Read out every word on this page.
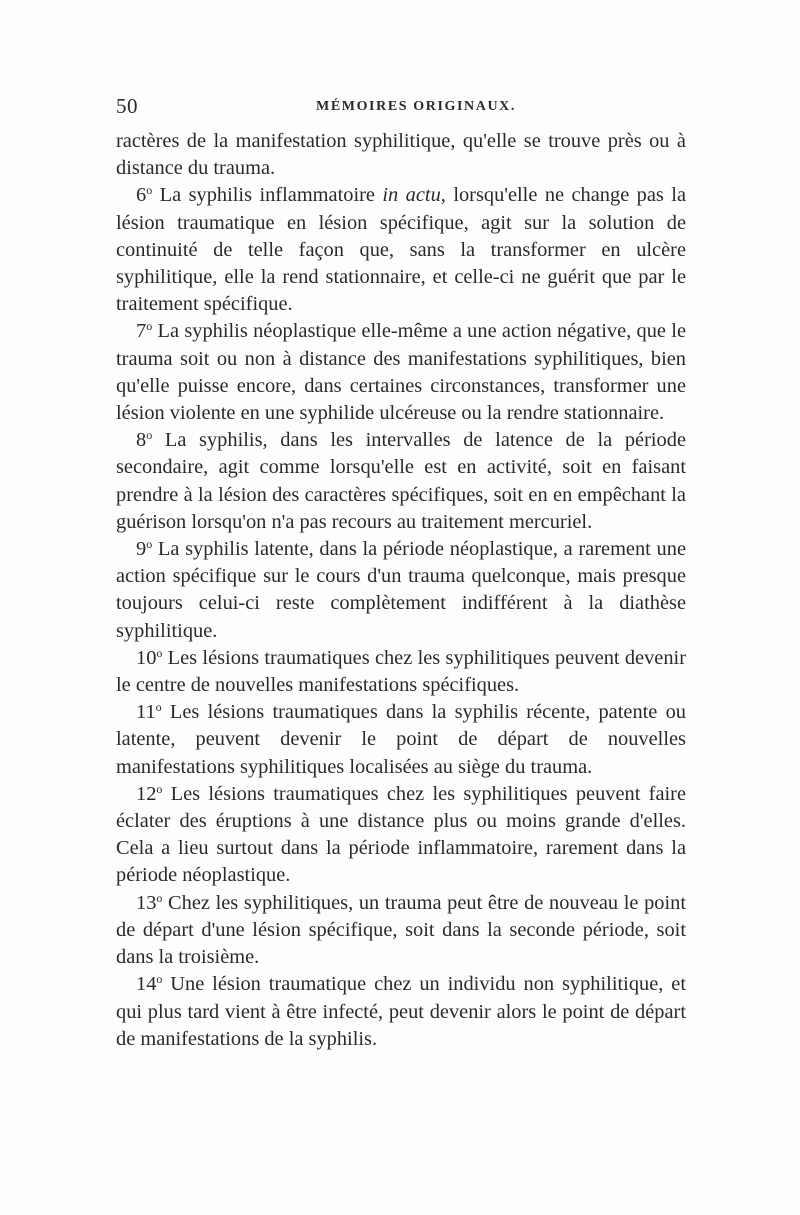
50	MÉMOIRES ORIGINAUX.

ractères de la manifestation syphilitique, qu'elle se trouve près ou à distance du trauma.

6$^o$ La syphilis inflammatoire in actu, lorsqu'elle ne change pas la lésion traumatique en lésion spécifique, agit sur la solution de continuité de telle façon que, sans la transformer en ulcère syphilitique, elle la rend stationnaire, et celle-ci ne guérit que par le traitement spécifique.

7$^o$ La syphilis néoplastique elle-même a une action négative, que le trauma soit ou non à distance des manifestations syphilitiques, bien qu'elle puisse encore, dans certaines circonstances, transformer une lésion violente en une syphilide ulcéreuse ou la rendre stationnaire.

8$^o$ La syphilis, dans les intervalles de latence de la période secondaire, agit comme lorsqu'elle est en activité, soit en faisant prendre à la lésion des caractères spécifiques, soit en en empêchant la guérison lorsqu'on n'a pas recours au traitement mercuriel.

9$^o$ La syphilis latente, dans la période néoplastique, a rarement une action spécifique sur le cours d'un trauma quelconque, mais presque toujours celui-ci reste complètement indifférent à la diathèse syphilitique.

10$^o$ Les lésions traumatiques chez les syphilitiques peuvent devenir le centre de nouvelles manifestations spécifiques.

11$^o$ Les lésions traumatiques dans la syphilis récente, patente ou latente, peuvent devenir le point de départ de nouvelles manifestations syphilitiques localisées au siège du trauma.

12$^o$ Les lésions traumatiques chez les syphilitiques peuvent faire éclater des éruptions à une distance plus ou moins grande d'elles. Cela a lieu surtout dans la période inflammatoire, rarement dans la période néoplastique.

13$^o$ Chez les syphilitiques, un trauma peut être de nouveau le point de départ d'une lésion spécifique, soit dans la seconde période, soit dans la troisième.

14$^o$ Une lésion traumatique chez un individu non syphilitique, et qui plus tard vient à être infecté, peut devenir alors le point de départ de manifestations de la syphilis.
